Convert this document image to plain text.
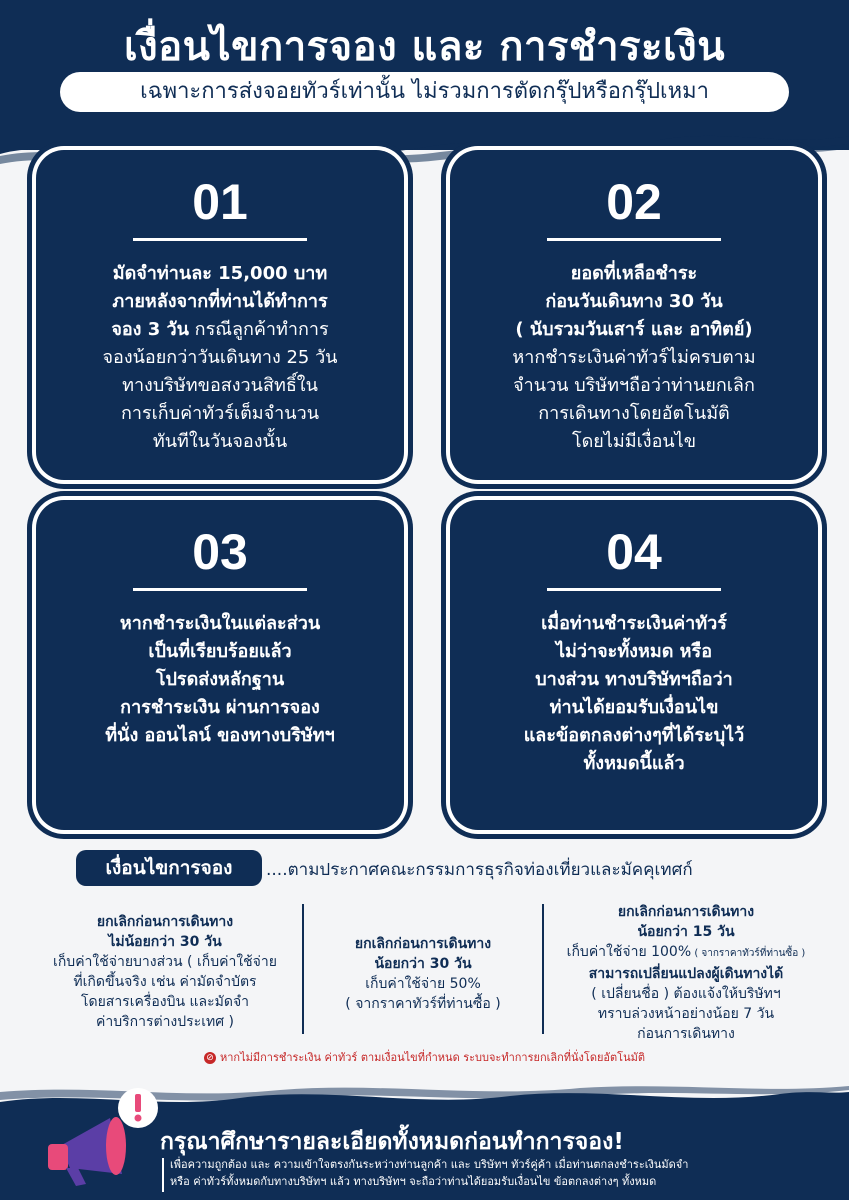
เงื่อนไขการจอง และ การชำระเงิน
เฉพาะการส่งจอยทัวร์เท่านั้น ไม่รวมการตัดกรุ๊ปหรือกรุ๊ปเหมา
01
มัดจำท่านละ 15,000 บาท
ภายหลังจากที่ท่านได้ทำการ
จอง 3 วัน กรณีลูกค้าทำการ
จองน้อยกว่าวันเดินทาง 25 วัน
ทางบริษัทขอสงวนสิทธิ์ใน
การเก็บค่าทัวร์เต็มจำนวน
ทันทีในวันจองนั้น
02
ยอดที่เหลือชำระ
ก่อนวันเดินทาง 30 วัน
( นับรวมวันเสาร์ และ อาทิตย์)
หากชำระเงินค่าทัวร์ไม่ครบตาม
จำนวน บริษัทฯถือว่าท่านยกเลิก
การเดินทางโดยอัตโนมัติ
โดยไม่มีเงื่อนไข
03
หากชำระเงินในแต่ละส่วน
เป็นที่เรียบร้อยแล้ว
โปรดส่งหลักฐาน
การชำระเงิน ผ่านการจอง
ที่นั่ง ออนไลน์ ของทางบริษัทฯ
04
เมื่อท่านชำระเงินค่าทัวร์
ไม่ว่าจะทั้งหมด หรือ
บางส่วน ทางบริษัทฯถือว่า
ท่านได้ยอมรับเงื่อนไข
และข้อตกลงต่างๆที่ได้ระบุไว้
ทั้งหมดนี้แล้ว
เงื่อนไขการจอง	....ตามประกาศคณะกรรมการธุรกิจท่องเที่ยวและมัคคุเทศก์
ยกเลิกก่อนการเดินทาง
ไม่น้อยกว่า 30 วัน
เก็บค่าใช้จ่ายบางส่วน ( เก็บค่าใช้จ่าย
ที่เกิดขึ้นจริง เช่น ค่ามัดจำบัตร
โดยสารเครื่องบิน และมัดจำ
ค่าบริการต่างประเทศ )
ยกเลิกก่อนการเดินทาง
น้อยกว่า 30 วัน
เก็บค่าใช้จ่าย 50%
( จากราคาทัวร์ที่ท่านซื้อ )
ยกเลิกก่อนการเดินทาง
น้อยกว่า 15 วัน
เก็บค่าใช้จ่าย 100% ( จากราคาทัวร์ที่ท่านซื้อ )
สามารถเปลี่ยนแปลงผู้เดินทางได้
( เปลี่ยนชื่อ ) ต้องแจ้งให้บริษัทฯ
ทราบล่วงหน้าอย่างน้อย 7 วัน
ก่อนการเดินทาง
⊘ หากไม่มีการชำระเงิน ค่าทัวร์ ตามเงื่อนไขที่กำหนด ระบบจะทำการยกเลิกที่นั่งโดยอัตโนมัติ
กรุณาศึกษารายละเอียดทั้งหมดก่อนทำการจอง!
เพื่อความถูกต้อง และ ความเข้าใจตรงกันระหว่างท่านลูกค้า และ บริษัทฯ ทัวร์คู่ค้า เมื่อท่านตกลงชำระเงินมัดจำ
หรือ ค่าทัวร์ทั้งหมดกับทางบริษัทฯ แล้ว ทางบริษัทฯ จะถือว่าท่านได้ยอมรับเงื่อนไข ข้อตกลงต่างๆ ทั้งหมด
